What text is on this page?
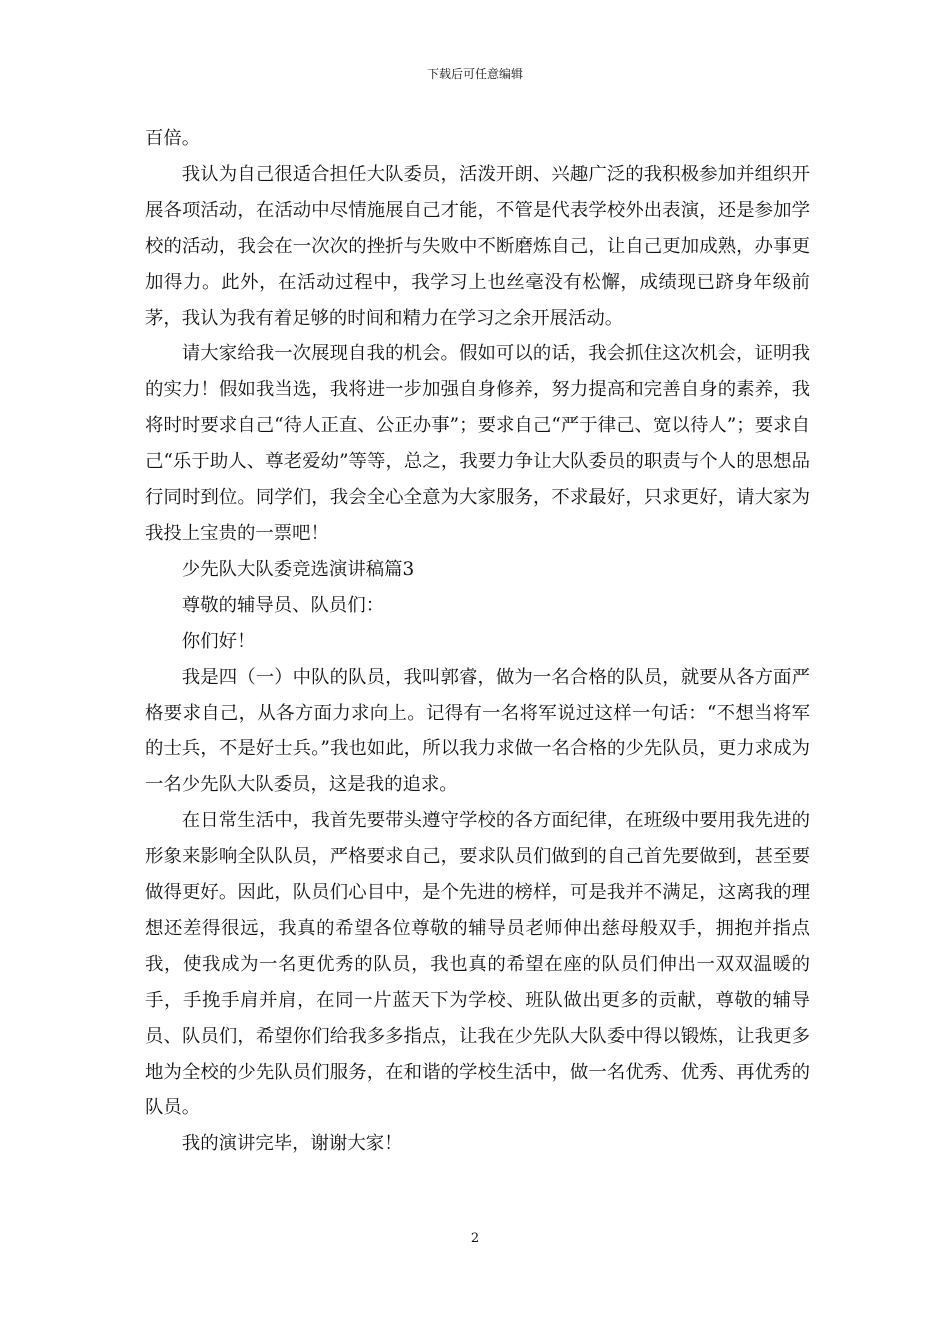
下载后可任意编辑

百倍。

我认为自己很适合担任大队委员，活泼开朗、兴趣广泛的我积极参加并组织开展各项活动，在活动中尽情施展自己才能，不管是代表学校外出表演，还是参加学校的活动，我会在一次次的挫折与失败中不断磨炼自己，让自己更加成熟，办事更加得力。此外，在活动过程中，我学习上也丝毫没有松懈，成绩现已跻身年级前茅，我认为我有着足够的时间和精力在学习之余开展活动。

请大家给我一次展现自我的机会。假如可以的话，我会抓住这次机会，证明我的实力！假如我当选，我将进一步加强自身修养，努力提高和完善自身的素养，我将时时要求自己“待人正直、公正办事”；要求自己“严于律己、宽以待人”；要求自己“乐于助人、尊老爱幼”等等，总之，我要力争让大队委员的职责与个人的思想品行同时到位。同学们，我会全心全意为大家服务，不求最好，只求更好，请大家为我投上宝贵的一票吧！

少先队大队委竞选演讲稿篇3

尊敬的辅导员、队员们：

你们好！

我是四（一）中队的队员，我叫郭睿，做为一名合格的队员，就要从各方面严格要求自己，从各方面力求向上。记得有一名将军说过这样一句话：“不想当将军的士兵，不是好士兵。”我也如此，所以我力求做一名合格的少先队员，更力求成为一名少先队大队委员，这是我的追求。

在日常生活中，我首先要带头遵守学校的各方面纪律，在班级中要用我先进的形象来影响全队队员，严格要求自己，要求队员们做到的自己首先要做到，甚至要做得更好。因此，队员们心目中，是个先进的榜样，可是我并不满足，这离我的理想还差得很远，我真的希望各位尊敬的辅导员老师伸出慈母般双手，拥抱并指点我，使我成为一名更优秀的队员，我也真的希望在座的队员们伸出一双双温暖的手，手挽手肩并肩，在同一片蓝天下为学校、班队做出更多的贡献，尊敬的辅导员、队员们，希望你们给我多多指点，让我在少先队大队委中得以锻炼，让我更多地为全校的少先队员们服务，在和谐的学校生活中，做一名优秀、优秀、再优秀的队员。

我的演讲完毕，谢谢大家！

2
